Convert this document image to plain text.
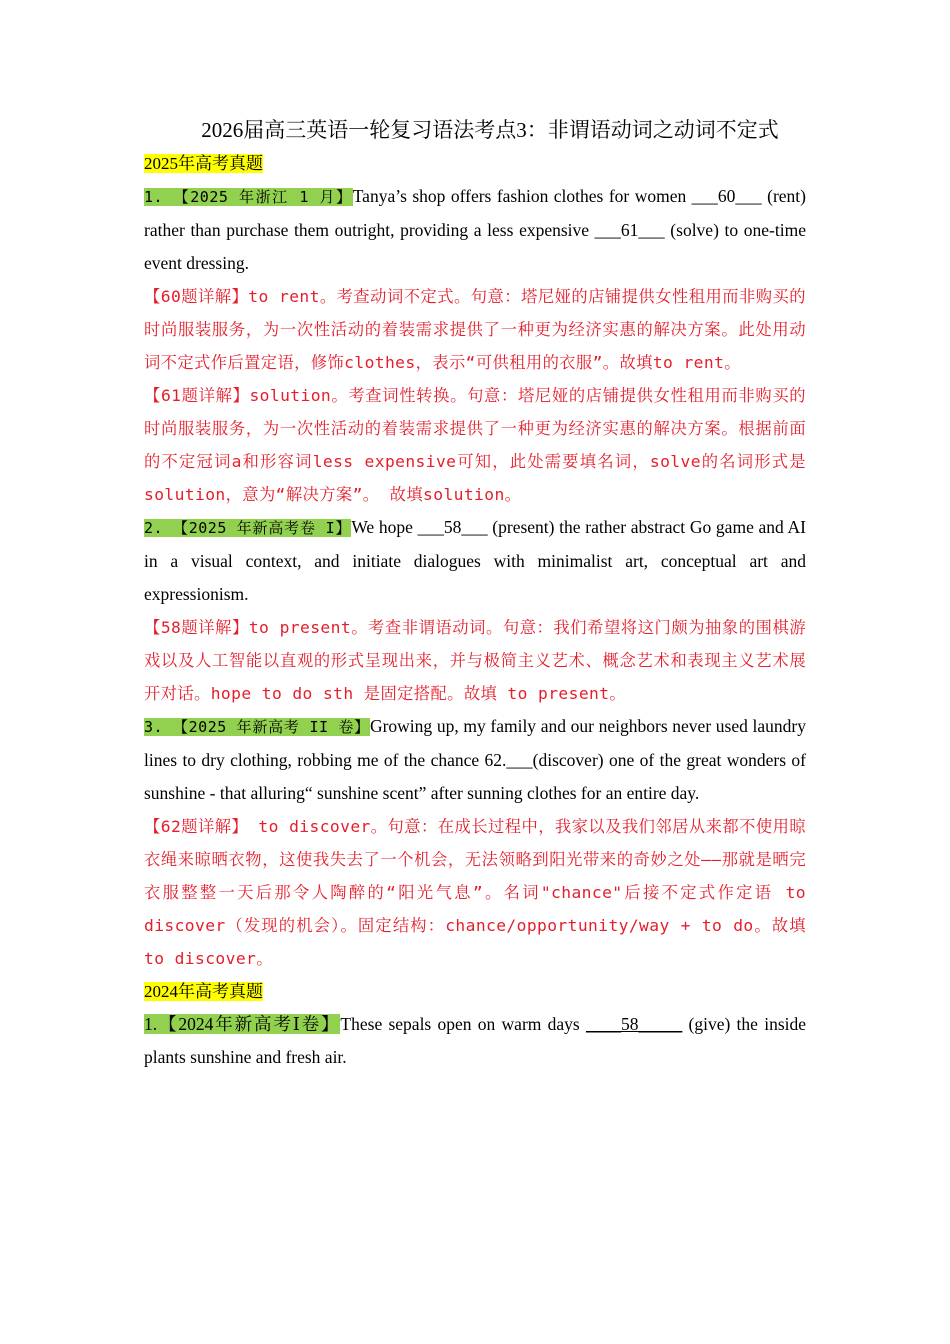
2026届高三英语一轮复习语法考点3：非谓语动词之动词不定式
2025年高考真题

1. 【2025 年浙江 1 月】Tanya’s shop offers fashion clothes for women ___60___ (rent) rather than purchase them outright, providing a less expensive ___61___ (solve) to one-time event dressing.

【60题详解】to rent。考查动词不定式。句意：塔尼娅的店铺提供女性租用而非购买的时尚服装服务，为一次性活动的着装需求提供了一种更为经济实惠的解决方案。此处用动词不定式作后置定语，修饰clothes，表示“可供租用的衣服”。故填to rent。

【61题详解】solution。考查词性转换。句意：塔尼娅的店铺提供女性租用而非购买的时尚服装服务，为一次性活动的着装需求提供了一种更为经济实惠的解决方案。根据前面的不定冠词a和形容词less expensive可知，此处需要填名词，solve的名词形式是solution，意为“解决方案”。 故填solution。

2. 【2025 年新高考卷 I】We hope ___58___ (present) the rather abstract Go game and AI in a visual context, and initiate dialogues with minimalist art, conceptual art and expressionism.

【58题详解】to present。考查非谓语动词。句意：我们希望将这门颇为抽象的围棋游戏以及人工智能以直观的形式呈现出来，并与极简主义艺术、概念艺术和表现主义艺术展开对话。hope to do sth 是固定搭配。故填 to present。

3. 【2025 年新高考 II 卷】Growing up, my family and our neighbors never used laundry lines to dry clothing, robbing me of the chance 62.___(discover) one of the great wonders of sunshine - that alluring“ sunshine scent” after sunning clothes for an entire day.

【62题详解】 to discover。句意：在成长过程中，我家以及我们邻居从来都不使用晾衣绳来晾晒衣物，这使我失去了一个机会，无法领略到阳光带来的奇妙之处——那就是晒完衣服整整一天后那令人陶醉的“阳光气息”。名词"chance"后接不定式作定语 to discover（发现的机会）。固定结构：chance/opportunity/way + to do。故填 to discover。

2024年高考真题

1.【2024年新高考Ⅰ卷】These sepals open on warm days ____58_____ (give) the inside plants sunshine and fresh air.
